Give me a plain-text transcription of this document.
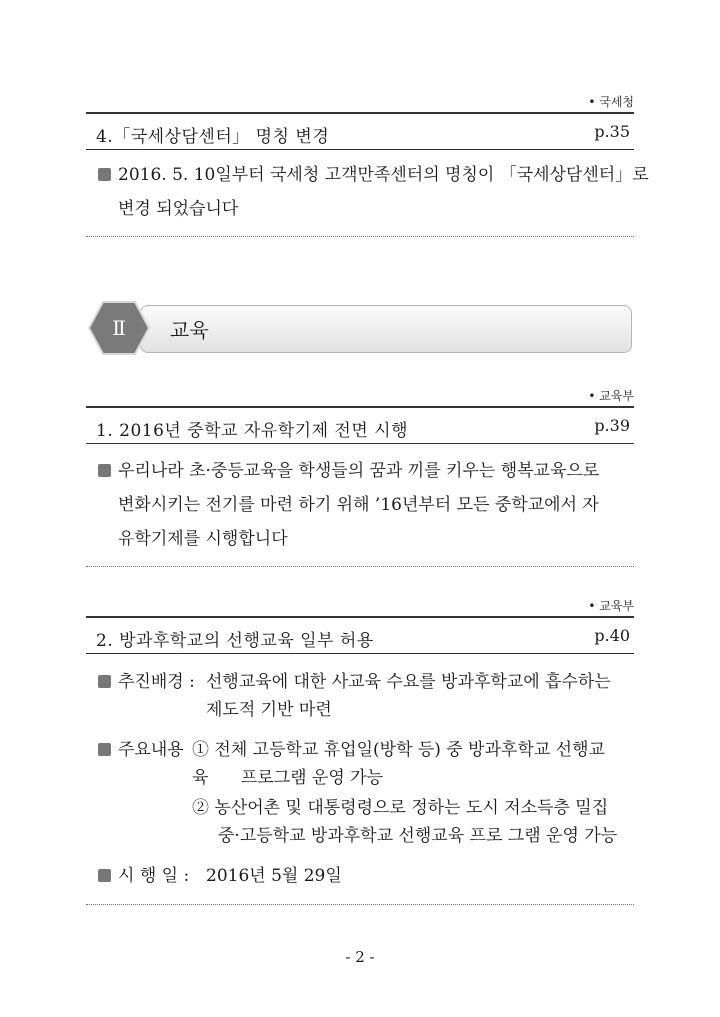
• 국세청
4.「국세상담센터」 명칭 변경	p.35
2016. 5. 10일부터 국세청 고객만족센터의 명칭이 「국세상담센터」로
변경 되었습니다
Ⅱ	교육
• 교육부
1. 2016년 중학교 자유학기제 전면 시행	p.39
우리나라 초·중등교육을 학생들의 꿈과 끼를 키우는 행복교육으로
변화시키는 전기를 마련 하기 위해 ’16년부터 모든 중학교에서 자
유학기제를 시행합니다
• 교육부
2. 방과후학교의 선행교육 일부 허용	p.40
추진배경 : 선행교육에 대한 사교육 수요를 방과후학교에 흡수하는
제도적 기반 마련
주요내용 ① 전체 고등학교 휴업일(방학 등) 중 방과후학교 선행교
육      프로그램 운영 가능
② 농산어촌 및 대통령령으로 정하는 도시 저소득층 밀집
중·고등학교 방과후학교 선행교육 프로 그램 운영 가능
시 행 일 : 2016년 5월 29일
- 2 -
